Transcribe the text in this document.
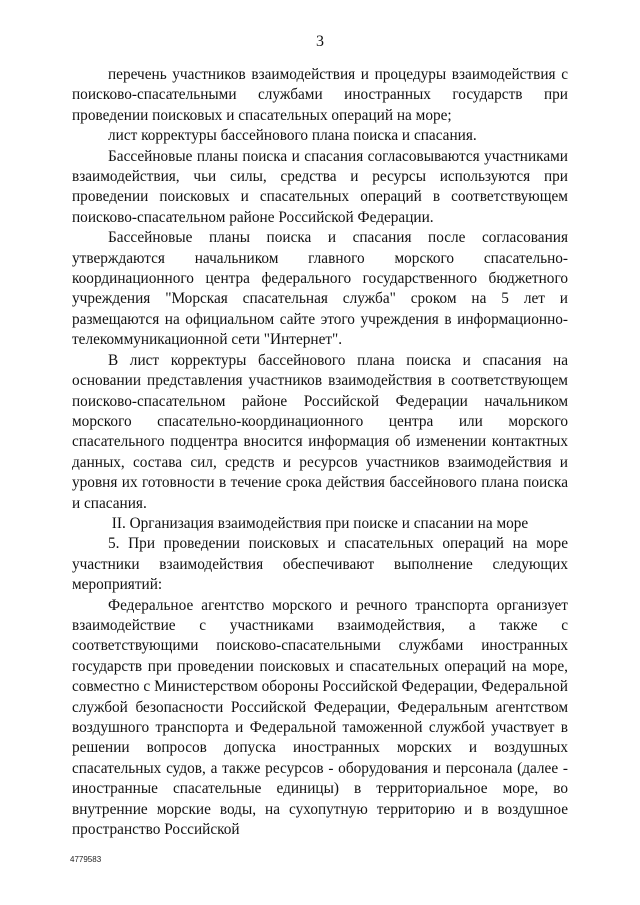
3

перечень участников взаимодействия и процедуры взаимодействия с поисково-спасательными службами иностранных государств при проведении поисковых и спасательных операций на море;

лист корректуры бассейнового плана поиска и спасания.

Бассейновые планы поиска и спасания согласовываются участниками взаимодействия, чьи силы, средства и ресурсы используются при проведении поисковых и спасательных операций в соответствующем поисково-спасательном районе Российской Федерации.

Бассейновые планы поиска и спасания после согласования утверждаются начальником главного морского спасательно-координационного центра федерального государственного бюджетного учреждения "Морская спасательная служба" сроком на 5 лет и размещаются на официальном сайте этого учреждения в информационно-телекоммуникационной сети "Интернет".

В лист корректуры бассейнового плана поиска и спасания на основании представления участников взаимодействия в соответствующем поисково-спасательном районе Российской Федерации начальником морского спасательно-координационного центра или морского спасательного подцентра вносится информация об изменении контактных данных, состава сил, средств и ресурсов участников взаимодействия и уровня их готовности в течение срока действия бассейнового плана поиска и спасания.

II. Организация взаимодействия при поиске и спасании на море

5. При проведении поисковых и спасательных операций на море участники взаимодействия обеспечивают выполнение следующих мероприятий:

Федеральное агентство морского и речного транспорта организует взаимодействие с участниками взаимодействия, а также с соответствующими поисково-спасательными службами иностранных государств при проведении поисковых и спасательных операций на море, совместно с Министерством обороны Российской Федерации, Федеральной службой безопасности Российской Федерации, Федеральным агентством воздушного транспорта и Федеральной таможенной службой участвует в решении вопросов допуска иностранных морских и воздушных спасательных судов, а также ресурсов - оборудования и персонала (далее - иностранные спасательные единицы) в территориальное море, во внутренние морские воды, на сухопутную территорию и в воздушное пространство Российской

4779583
